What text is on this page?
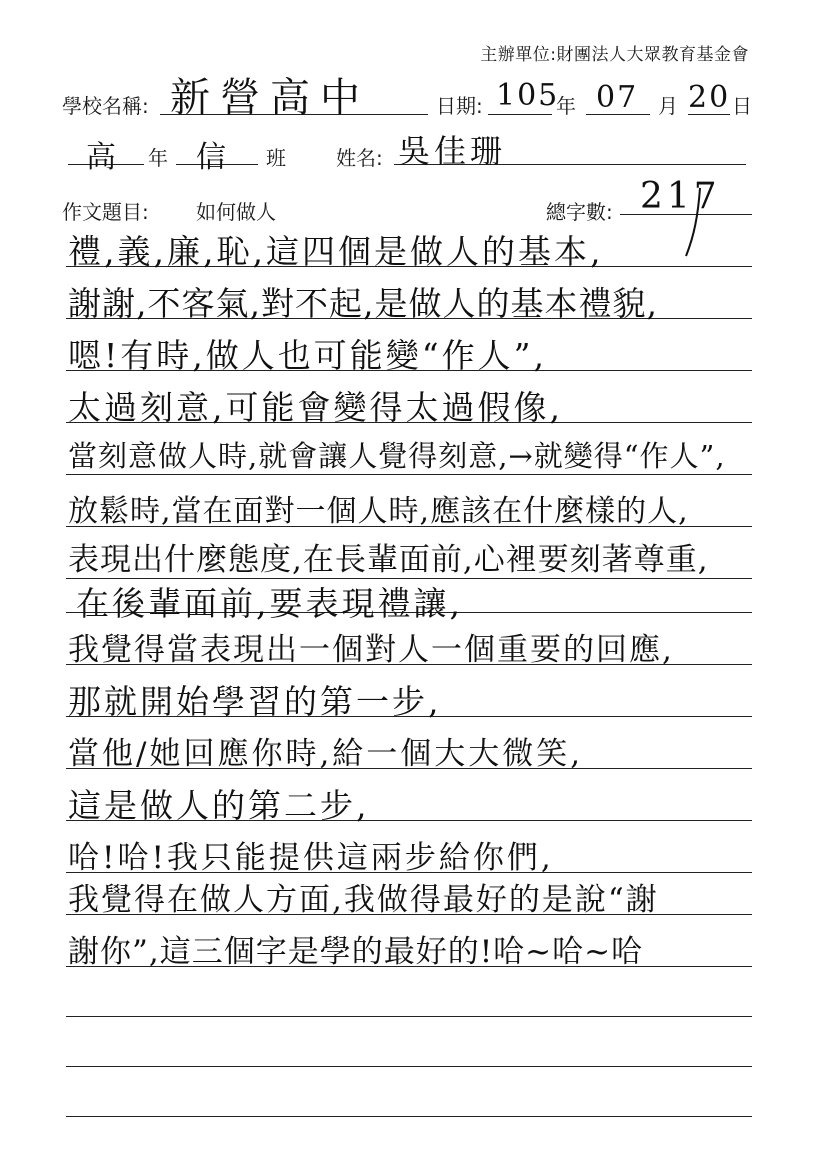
主辦單位:財團法人大眾教育基金會
學校名稱: 新營高中	日期: 105
年 07 月 20 日
高 年 信 班	姓名: 吳佳珊
作文題目: 如何做人	總字數: 217
禮,義,廉,恥,這四個是做人的基本,
謝謝,不客氣,對不起,是做人的基本禮貌,
嗯!有時,做人也可能變“作人”,
太過刻意,可能會變得太過假像,
當刻意做人時,就會讓人覺得刻意,→就變得“作人”,
放鬆時,當在面對一個人時,應該在什麼樣的人,
表現出什麼態度,在長輩面前,心裡要刻著尊重,
在後輩面前,要表現禮讓,
我覺得當表現出一個對人一個重要的回應,
那就開始學習的第一步,
當他/她回應你時,給一個大大微笑,
這是做人的第二步,
哈!哈!我只能提供這兩步給你們,
我覺得在做人方面,我做得最好的是說“謝
謝你”,這三個字是學的最好的!哈~哈~哈
